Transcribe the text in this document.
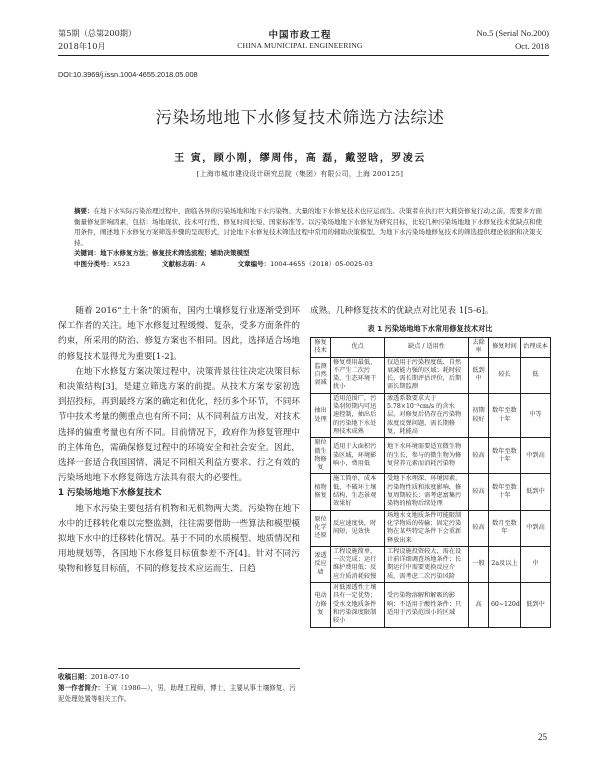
第5期（总第200期）
2018年10月
中国市政工程
CHINA MUNICIPAL ENGINEERING
No.5 (Serial No.200)
Oct. 2018
DOI:10.3969/j.issn.1004-4655.2018.05.008
污染场地地下水修复技术筛选方法综述
王 寅，顾小刚，缪周伟，高 磊，戴翌晗，罗凌云
[上海市城市建设设计研究总院（集团）有限公司，上海 200125]
摘要：在地下水实际污染治理过程中，面临各异的污染场地和地下水污染物、大量的地下水修复技术也应运而生。决策者在执行巨大耗资修复行动之前，需要多方面衡量修复影响因素，包括：场地现状、技术可行性、修复时间长短、国家标准等。以污染场地地下水修复为研究目标，比较几种污染场地地下水修复技术优缺点和使用条件，阐述地下水修复方案筛选步骤的呈现形式，讨论地下水修复技术筛选过程中常用的辅助决策模型。为地下水污染场地修复技术的筛选提供理论依据和决策支持。
关键词：地下水修复方法；修复技术筛选流程；辅助决策模型
中图分类号：X523	文献标志码：A	文章编号：1004-4655（2018）05-0025-03

随着 2016“土十条”的颁布，国内土壤修复行业逐渐受到环保工作者的关注。地下水修复过程缓慢、复杂，受多方面条件的约束，所采用的防治、修复方案也不相同。因此，选择适合场地的修复技术显得尤为重要[1-2]。

在地下水修复方案决策过程中，决策背景往往决定决策目标和决策结构[3]，是建立筛选方案的前提。从技术方案专家初选到招投标，再到最终方案的确定和优化，经历多个环节，不同环节中技术考量的侧重点也有所不同；从不同利益方出发，对技术选择的偏重考量也有所不同。目前情况下，政府作为修复管理中的主体角色，需确保修复过程中的环境安全和社会安全。因此，选择一套适合我国国情、满足不同相关利益方要求、行之有效的污染场地地下水修复筛选方法具有很大的必要性。

1 污染场地地下水修复技术

地下水污染主要包括有机物和无机物两大类。污染物在地下水中的迁移转化难以完整监测，往往需要借助一些算法和模型模拟地下水中的迁移转化情况。基于不同的水质模型、地质情况和用地规划等，各国地下水修复目标值参差不齐[4]。针对不同污染物和修复目标值，不同的修复技术应运而生、日趋

收稿日期：2018-07-10
第一作者简介：王寅（1986—），男，助理工程师，博士，主要从事土壤修复、污泥处理处置等相关工作。
成熟。几种修复技术的优缺点对比见表 1[5-6]。
表 1 污染场地地下水常用修复技术对比
修复技术	优点	缺点 / 适用性	去除率	修复时间	治理成本
监测自然衰减	修复费用最低，不产生二次污染，生态环境干扰小	仅适用于污染程度低、自然衰减能力强的区域；耗时较长，需长期评估评价，后期需长期监测	低到中	较长	低
抽出处理	适用范围广，污染羽短期内可迅速控制，抽出后的污染地下水处理技术成熟	渗透系数要求大于5.78×10⁻³cm/s 的含水层，对修复后仍存在污染物浓度反弹问题，需长期修复，耗能高	初期较好	数年至数十年	中等
原位微生物修复	适用于大面积污染区域，环境影响小，费用低	地下水环境需要适宜微生物的生长，参与的微生物为修复营养元素而消耗污染物	较高	数年至数十年	中到高
植物修复	施工简单，成本低，不破坏土壤结构，生态景观效果好	受地下水埋深、环境因素、污染物性质和浓度影响，修复周期较长；需考虑富集污染物的植物后续处理	较高	数年至数十年	低到中
原位化学还原	反应速度快，时间短，见效快	场地水文地质条件可能限制化学物质的传输；固定污染物在某些特定条件下会重新释放出来	较高	数月至数年	中到高
渗透反应墙	工程设施简单，一次完成；运行维护费用低；反应介质消耗较慢	工程设施投资较大，需在设计前详细调查场地条件；长期运行中需要更换反应介质，需考虑二次污染风险	一般	2a及以上	中
电动力修复	对低渗透性土壤具有一定优势；受水文地质条件和污染深度限制较小	受污染物溶解和解吸的影响；不适用于酸性条件；只适用于污染范围小的区域	高	60~120d	低到中
25
